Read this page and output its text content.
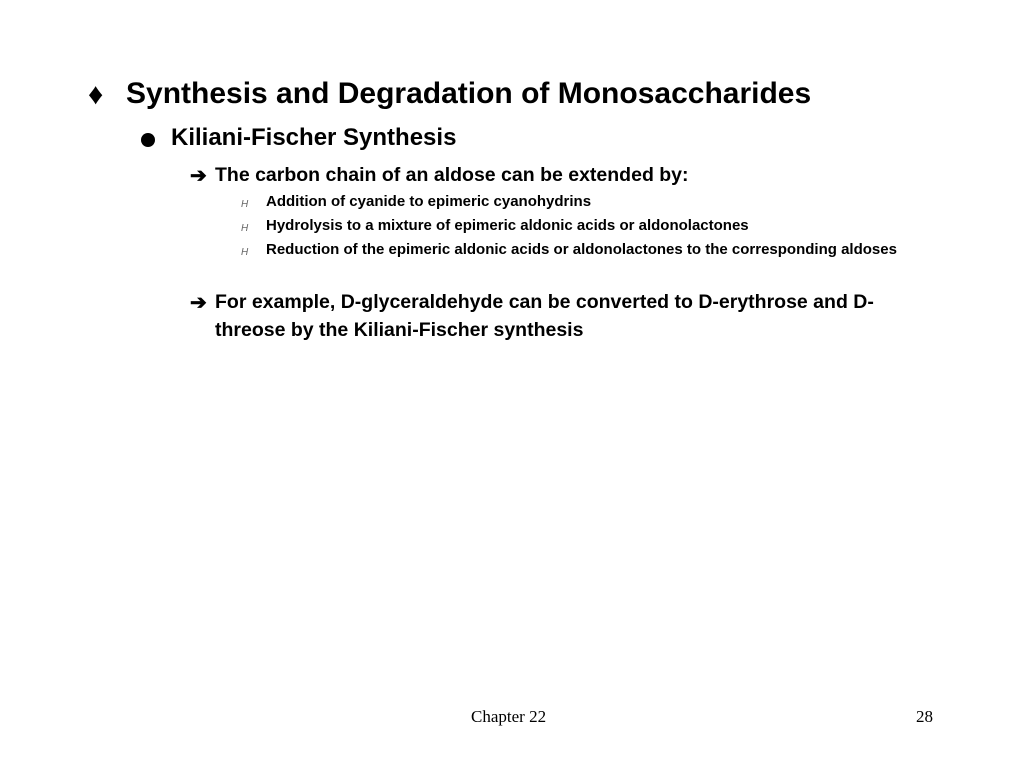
♦ Synthesis and Degradation of Monosaccharides
Kiliani-Fischer Synthesis
➔ The carbon chain of an aldose can be extended by:
H Addition of cyanide to epimeric cyanohydrins
H Hydrolysis to a mixture of epimeric aldonic acids or aldonolactones
H Reduction of the epimeric aldonic acids or aldonolactones to the corresponding aldoses
➔ For example, D-glyceraldehyde can be converted to D-erythrose and D-threose by the Kiliani-Fischer synthesis
Chapter 22	28
